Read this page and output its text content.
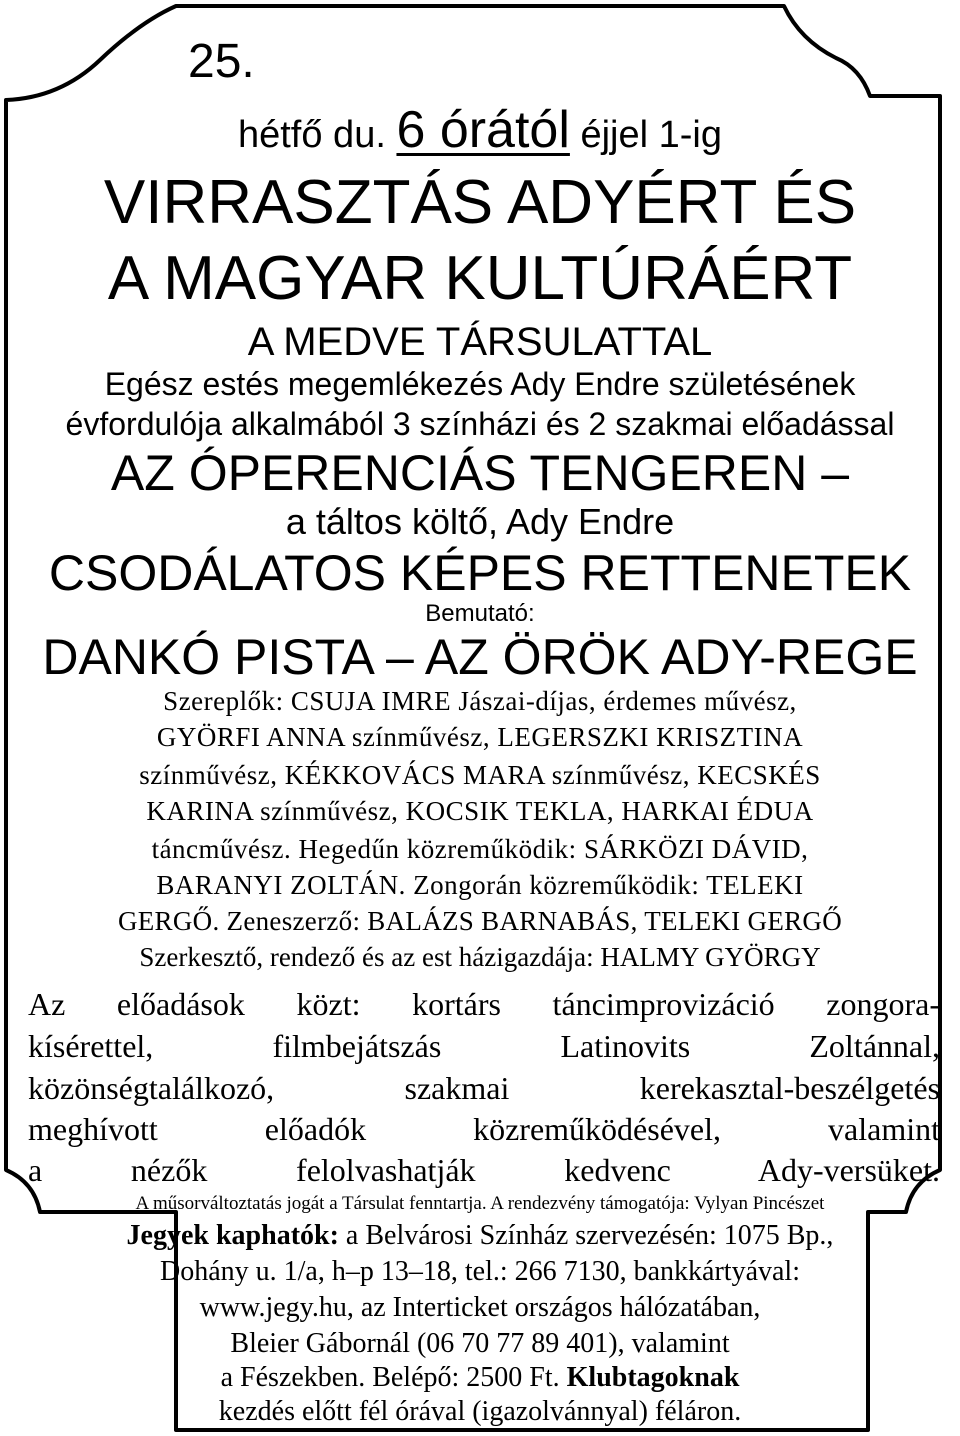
25.
hétfő du. 6 órától éjjel 1-ig
VIRRASZTÁS ADYÉRT ÉS
A MAGYAR KULTÚRÁÉRT
A MEDVE TÁRSULATTAL
Egész estés megemlékezés Ady Endre születésének
évfordulója alkalmából 3 színházi és 2 szakmai előadással
AZ ÓPERENCIÁS TENGEREN –
a táltos költő, Ady Endre
CSODÁLATOS KÉPES RETTENETEK
Bemutató:
DANKÓ PISTA – AZ ÖRÖK ADY-REGE
Szereplők: CSUJA IMRE Jászai-díjas, érdemes művész,
GYÖRFI ANNA színművész, LEGERSZKI KRISZTINA
színművész, KÉKKOVÁCS MARA színművész, KECSKÉS
KARINA színművész, KOCSIK TEKLA, HARKAI ÉDUA
táncművész. Hegedűn közreműködik: SÁRKÖZI DÁVID,
BARANYI ZOLTÁN. Zongorán közreműködik: TELEKI
GERGŐ. Zeneszerző: BALÁZS BARNABÁS, TELEKI GERGŐ
Szerkesztő, rendező és az est házigazdája: HALMY GYÖRGY
Az előadások közt: kortárs táncimprovizáció zongora-
kísérettel, filmbejátszás Latinovits Zoltánnal,
közönségtalálkozó, szakmai kerekasztal-beszélgetés
meghívott előadók közreműködésével, valamint
a nézők felolvashatják kedvenc Ady-versüket.
A műsorváltoztatás jogát a Társulat fenntartja. A rendezvény támogatója: Vylyan Pincészet
Jegyek kaphatók: a Belvárosi Színház szervezésén: 1075 Bp.,
Dohány u. 1/a, h–p 13–18, tel.: 266 7130, bankkártyával:
www.jegy.hu, az Interticket országos hálózatában,
Bleier Gábornál (06 70 77 89 401), valamint
a Fészekben. Belépő: 2500 Ft. Klubtagoknak
kezdés előtt fél órával (igazolvánnyal) féláron.
